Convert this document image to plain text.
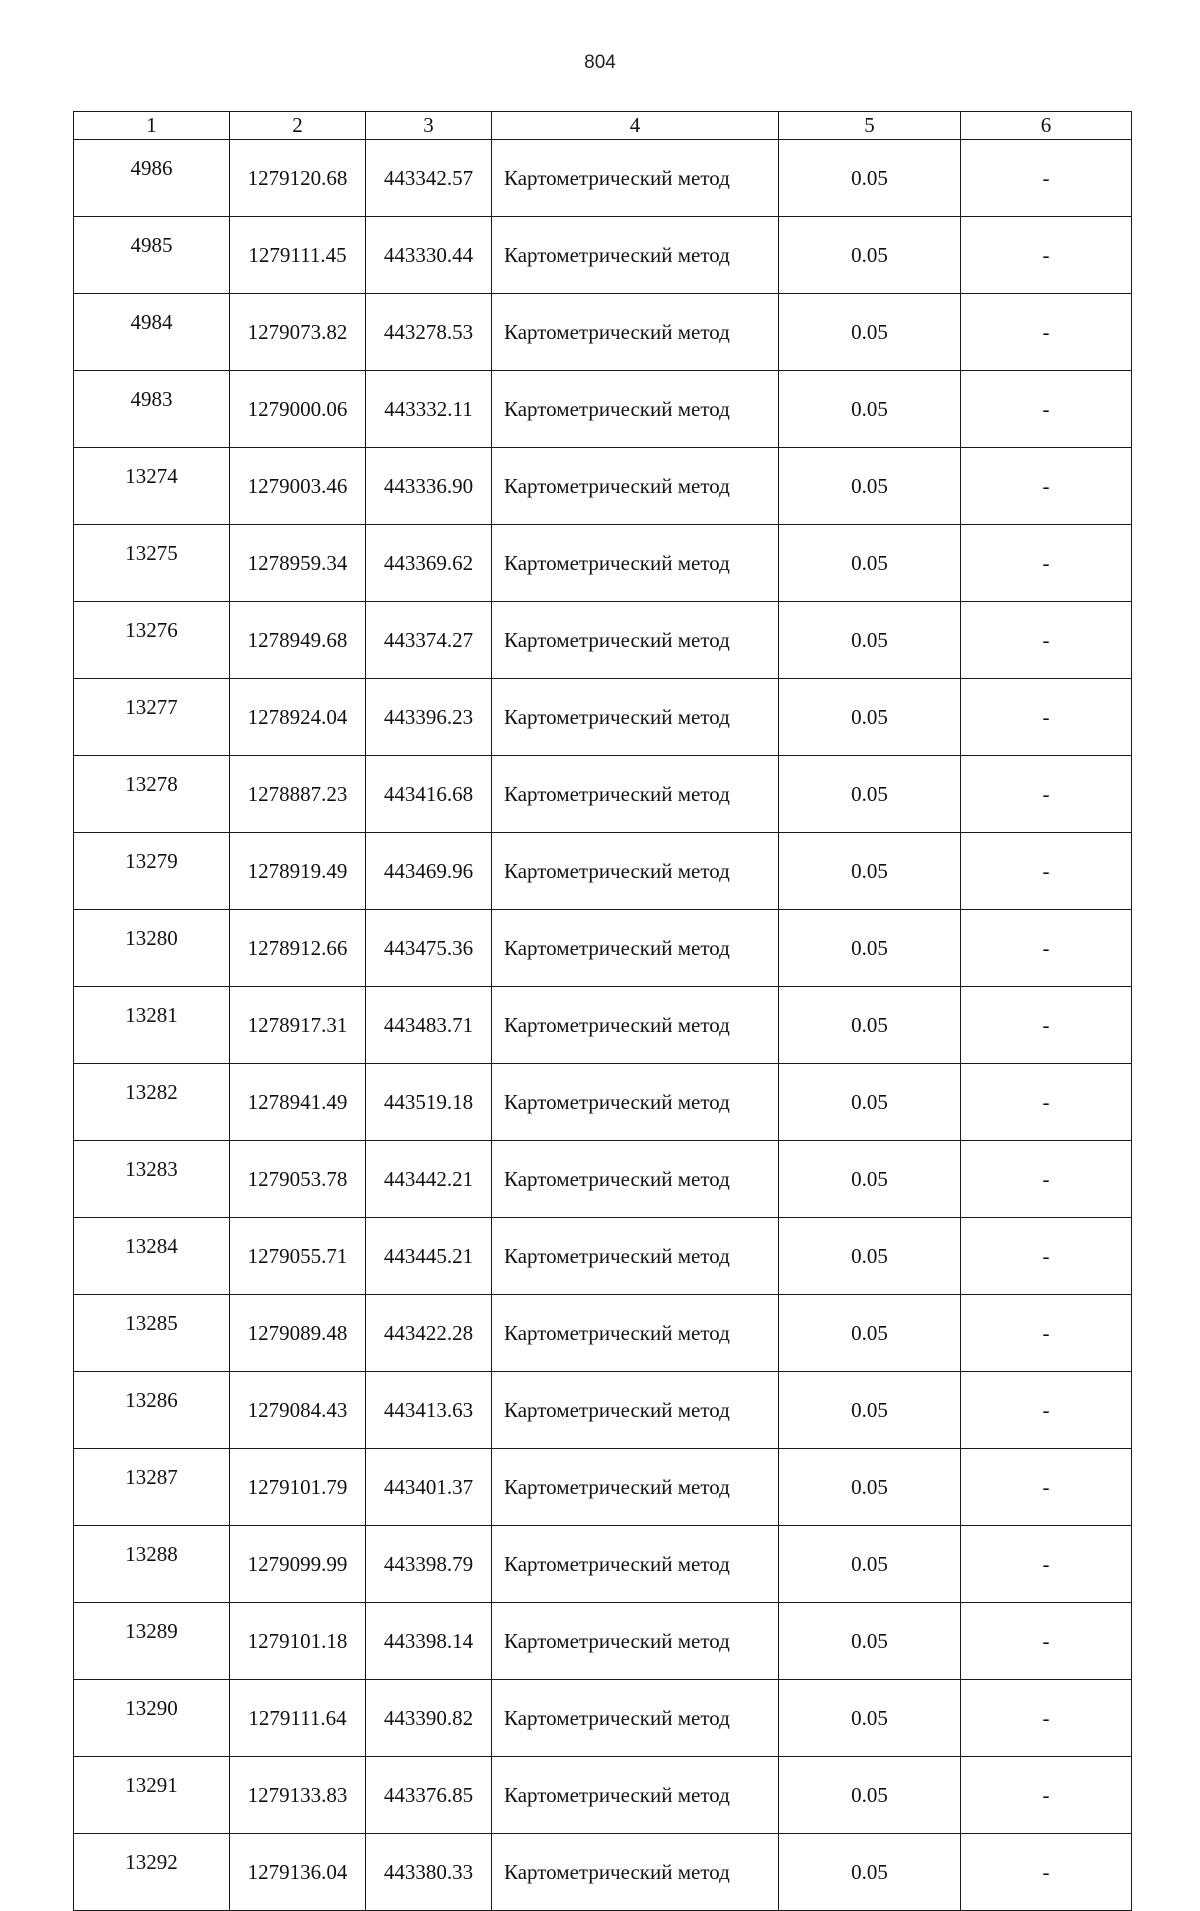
804
1	2	3	4	5	6
4986	1279120.68	443342.57	Картометрический метод	0.05	-
4985	1279111.45	443330.44	Картометрический метод	0.05	-
4984	1279073.82	443278.53	Картометрический метод	0.05	-
4983	1279000.06	443332.11	Картометрический метод	0.05	-
13274	1279003.46	443336.90	Картометрический метод	0.05	-
13275	1278959.34	443369.62	Картометрический метод	0.05	-
13276	1278949.68	443374.27	Картометрический метод	0.05	-
13277	1278924.04	443396.23	Картометрический метод	0.05	-
13278	1278887.23	443416.68	Картометрический метод	0.05	-
13279	1278919.49	443469.96	Картометрический метод	0.05	-
13280	1278912.66	443475.36	Картометрический метод	0.05	-
13281	1278917.31	443483.71	Картометрический метод	0.05	-
13282	1278941.49	443519.18	Картометрический метод	0.05	-
13283	1279053.78	443442.21	Картометрический метод	0.05	-
13284	1279055.71	443445.21	Картометрический метод	0.05	-
13285	1279089.48	443422.28	Картометрический метод	0.05	-
13286	1279084.43	443413.63	Картометрический метод	0.05	-
13287	1279101.79	443401.37	Картометрический метод	0.05	-
13288	1279099.99	443398.79	Картометрический метод	0.05	-
13289	1279101.18	443398.14	Картометрический метод	0.05	-
13290	1279111.64	443390.82	Картометрический метод	0.05	-
13291	1279133.83	443376.85	Картометрический метод	0.05	-
13292	1279136.04	443380.33	Картометрический метод	0.05	-
